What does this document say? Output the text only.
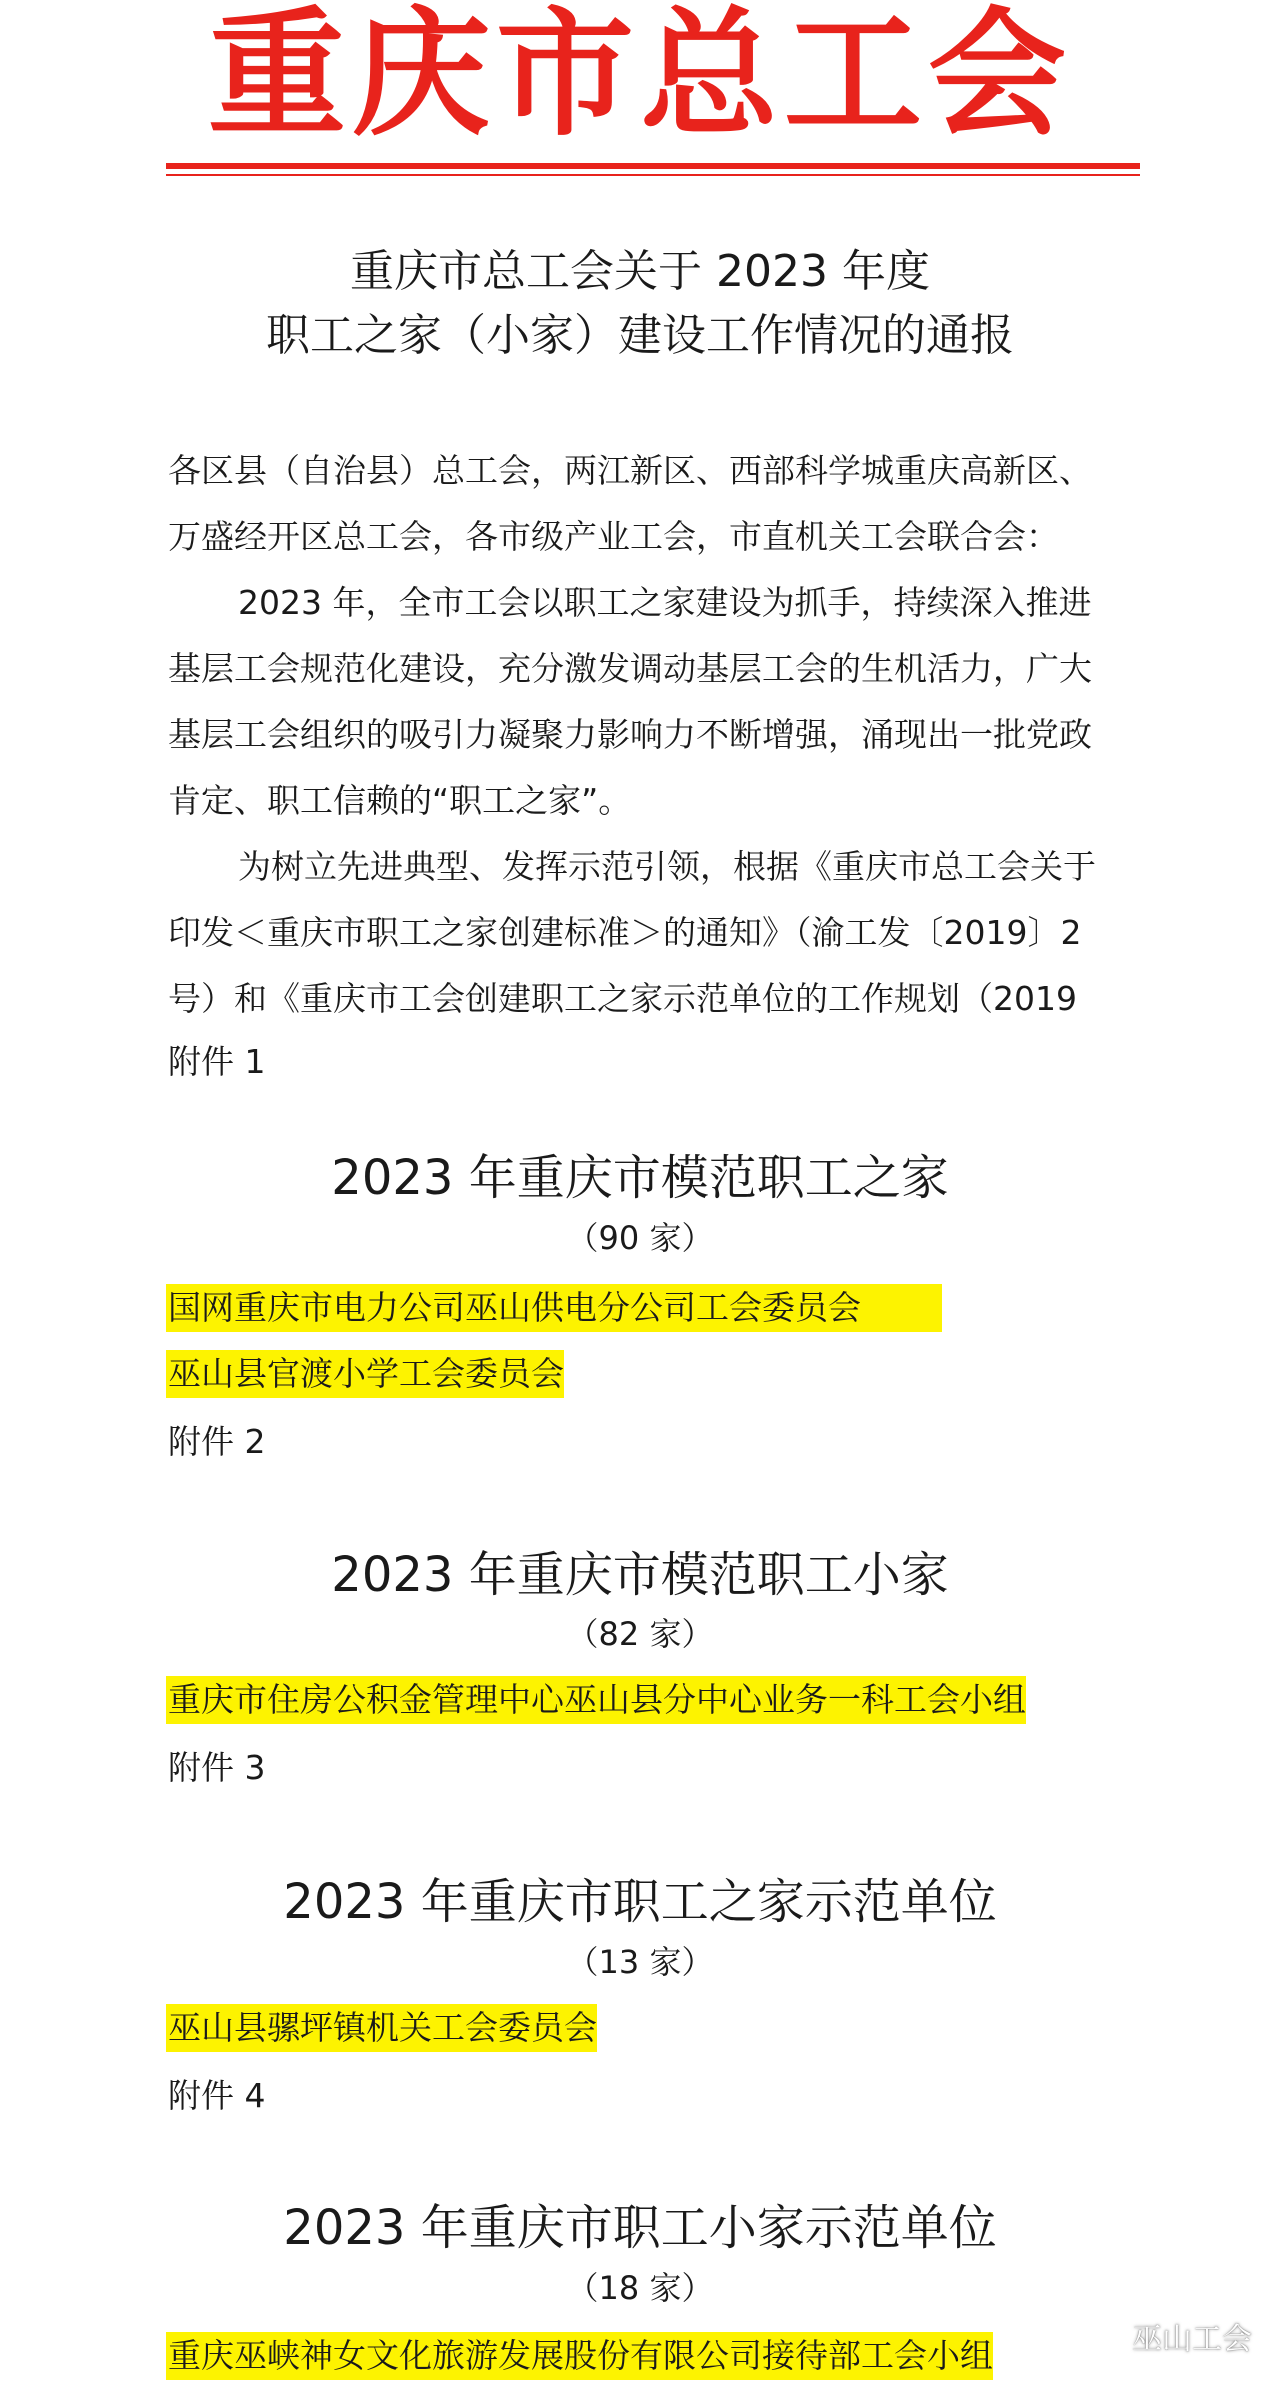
重庆市总工会
重庆市总工会关于 2023 年度
职工之家（小家）建设工作情况的通报
各区县（自治县）总工会，两江新区、西部科学城重庆高新区、
万盛经开区总工会，各市级产业工会，市直机关工会联合会：
2023 年，全市工会以职工之家建设为抓手，持续深入推进
基层工会规范化建设，充分激发调动基层工会的生机活力，广大
基层工会组织的吸引力凝聚力影响力不断增强，涌现出一批党政
肯定、职工信赖的“职工之家”。
为树立先进典型、发挥示范引领，根据《重庆市总工会关于
印发＜重庆市职工之家创建标准＞的通知》（渝工发〔2019〕2
号）和《重庆市工会创建职工之家示范单位的工作规划（2019
附件 1
2023 年重庆市模范职工之家
（90 家）
国网重庆市电力公司巫山供电分公司工会委员会
巫山县官渡小学工会委员会
附件 2
2023 年重庆市模范职工小家
（82 家）
重庆市住房公积金管理中心巫山县分中心业务一科工会小组
附件 3
2023 年重庆市职工之家示范单位
（13 家）
巫山县骡坪镇机关工会委员会
附件 4
2023 年重庆市职工小家示范单位
（18 家）
重庆巫峡神女文化旅游发展股份有限公司接待部工会小组	巫山工会
